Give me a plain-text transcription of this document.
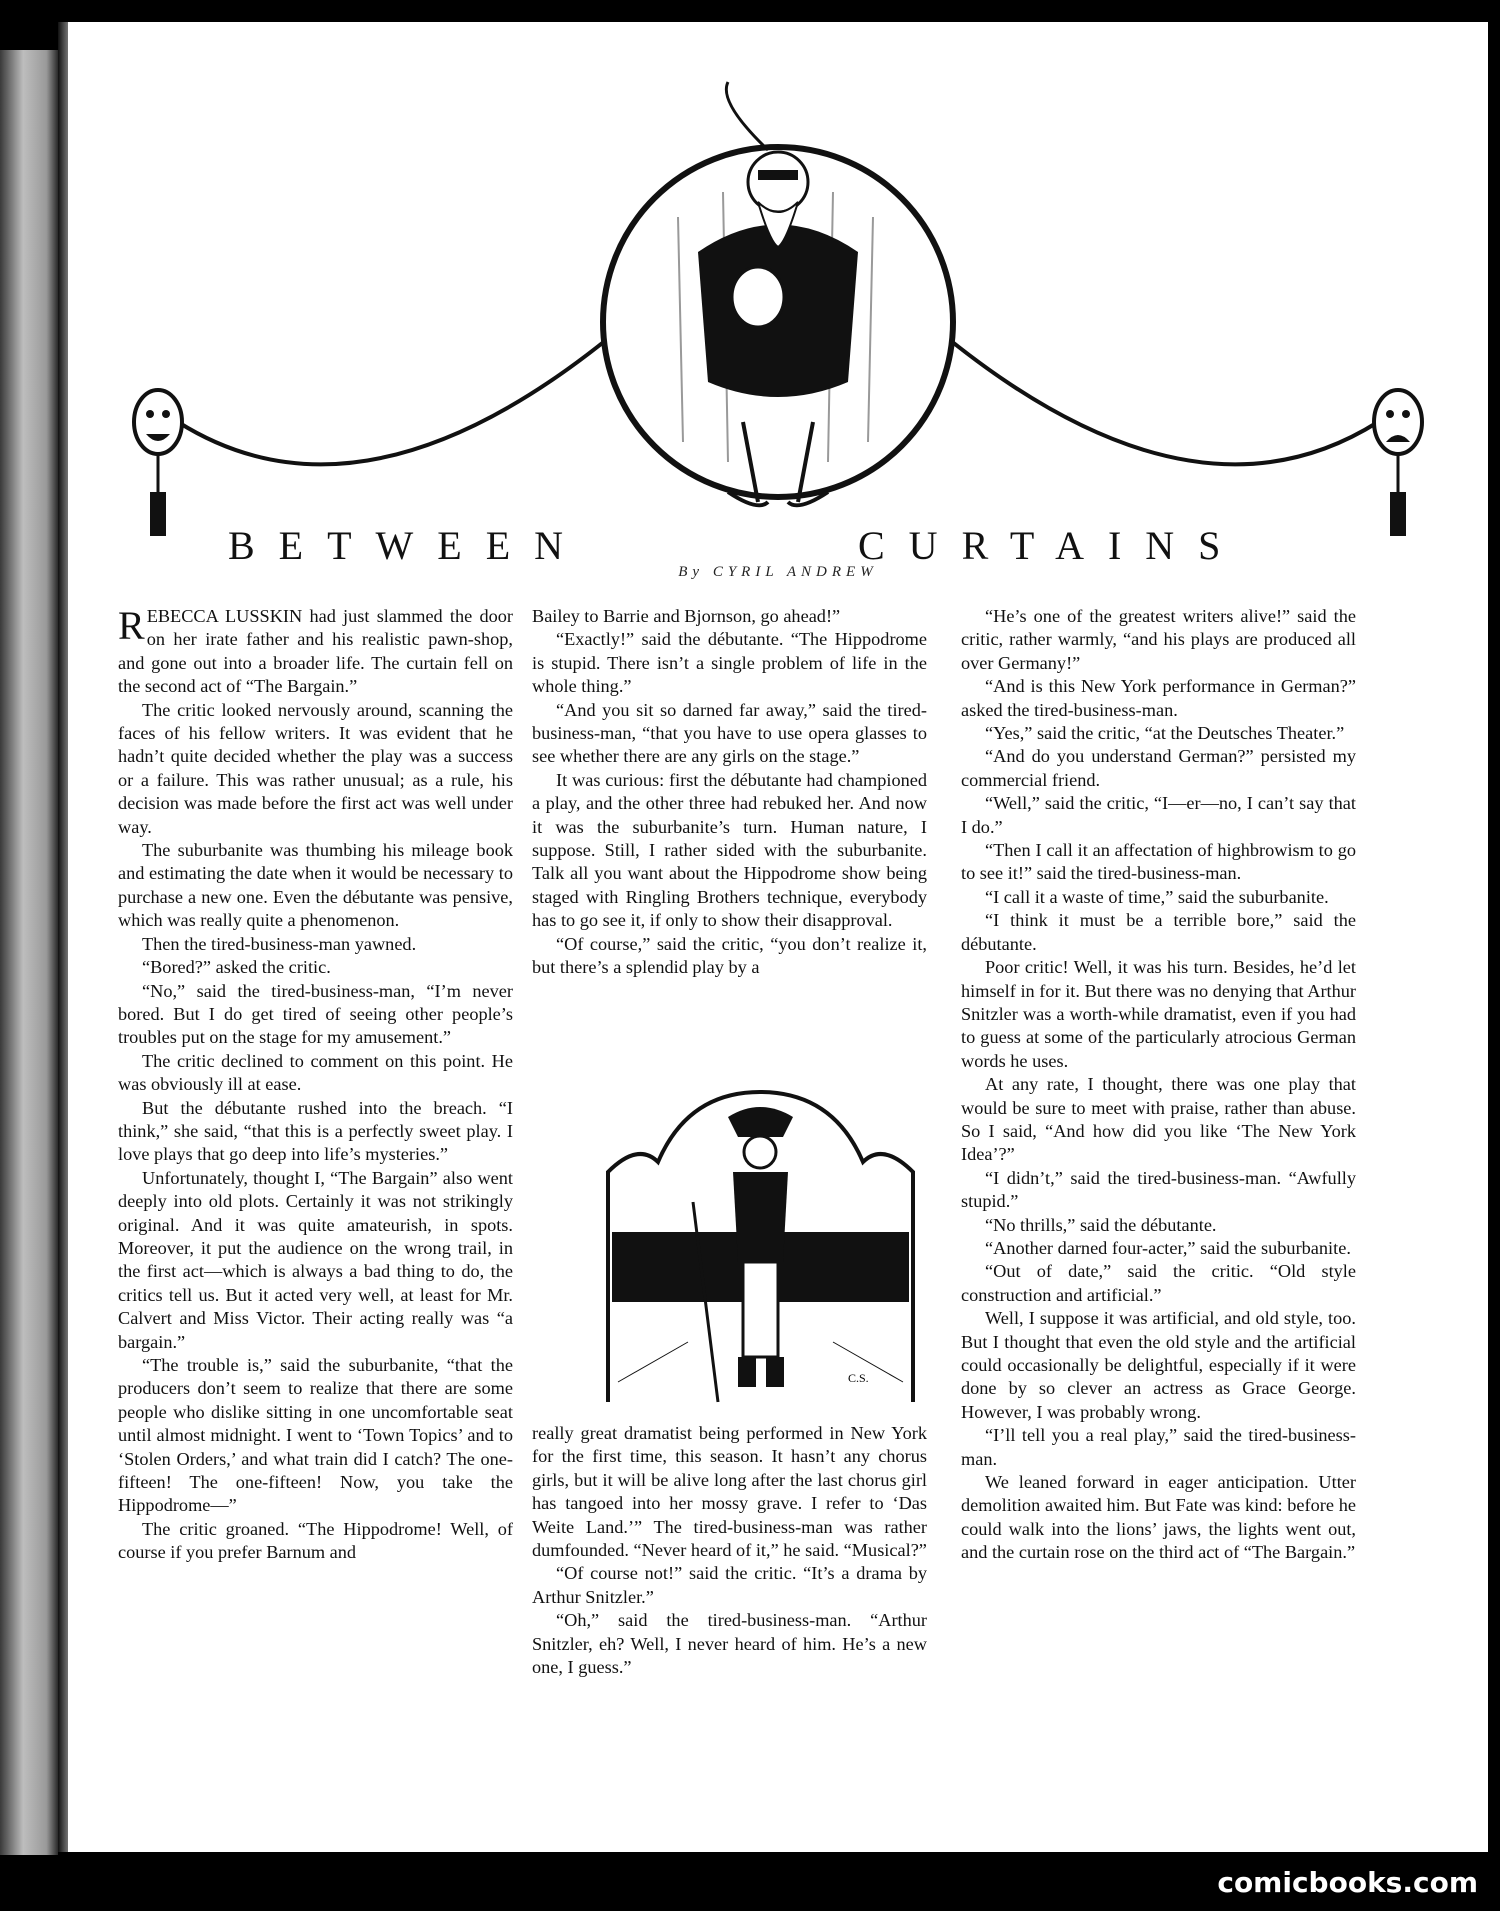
BETWEEN	CURTAINS
By CYRIL ANDREW
R EBECCA LUSSKIN had just slammed the door on her irate father and his realistic pawn-shop, and gone out into a broader life. The curtain fell on the second act of “The Bargain.”

The critic looked nervously around, scanning the faces of his fellow writers. It was evident that he hadn’t quite decided whether the play was a success or a failure. This was rather unusual; as a rule, his decision was made before the first act was well under way.

The suburbanite was thumbing his mileage book and estimating the date when it would be necessary to purchase a new one. Even the débutante was pensive, which was really quite a phenomenon.

Then the tired-business-man yawned.

“Bored?” asked the critic.

“No,” said the tired-business-man, “I’m never bored. But I do get tired of seeing other people’s troubles put on the stage for my amusement.”

The critic declined to comment on this point. He was obviously ill at ease.

But the débutante rushed into the breach. “I think,” she said, “that this is a perfectly sweet play. I love plays that go deep into life’s mysteries.”

Unfortunately, thought I, “The Bargain” also went deeply into old plots. Certainly it was not strikingly original. And it was quite amateurish, in spots. Moreover, it put the audience on the wrong trail, in the first act—which is always a bad thing to do, the critics tell us. But it acted very well, at least for Mr. Calvert and Miss Victor. Their acting really was “a bargain.”

“The trouble is,” said the suburbanite, “that the producers don’t seem to realize that there are some people who dislike sitting in one uncomfortable seat until almost midnight. I went to ‘Town Topics’ and to ‘Stolen Orders,’ and what train did I catch? The one-fifteen! The one-fifteen! Now, you take the Hippodrome—”

The critic groaned. “The Hippodrome! Well, of course if you prefer Barnum and

Bailey to Barrie and Bjornson, go ahead!”

“Exactly!” said the débutante. “The Hippodrome is stupid. There isn’t a single problem of life in the whole thing.”

“And you sit so darned far away,” said the tired-business-man, “that you have to use opera glasses to see whether there are any girls on the stage.”

It was curious: first the débutante had championed a play, and the other three had rebuked her. And now it was the suburbanite’s turn. Human nature, I suppose. Still, I rather sided with the suburbanite. Talk all you want about the Hippodrome show being staged with Ringling Brothers technique, everybody has to go see it, if only to show their disapproval.

“Of course,” said the critic, “you don’t realize it, but there’s a splendid play by a

C.S.

really great dramatist being performed in New York for the first time, this season. It hasn’t any chorus girls, but it will be alive long after the last chorus girl has tangoed into her mossy grave. I refer to ‘Das Weite Land.’” The tired-business-man was rather dumfounded. “Never heard of it,” he said. “Musical?”

“Of course not!” said the critic. “It’s a drama by Arthur Snitzler.”

“Oh,” said the tired-business-man. “Arthur Snitzler, eh? Well, I never heard of him. He’s a new one, I guess.”

“He’s one of the greatest writers alive!” said the critic, rather warmly, “and his plays are produced all over Germany!”

“And is this New York performance in German?” asked the tired-business-man.

“Yes,” said the critic, “at the Deutsches Theater.”

“And do you understand German?” persisted my commercial friend.

“Well,” said the critic, “I—er—no, I can’t say that I do.”

“Then I call it an affectation of highbrowism to go to see it!” said the tired-business-man.

“I call it a waste of time,” said the suburbanite.

“I think it must be a terrible bore,” said the débutante.

Poor critic! Well, it was his turn. Besides, he’d let himself in for it. But there was no denying that Arthur Snitzler was a worth-while dramatist, even if you had to guess at some of the particularly atrocious German words he uses.

At any rate, I thought, there was one play that would be sure to meet with praise, rather than abuse. So I said, “And how did you like ‘The New York Idea’?”

“I didn’t,” said the tired-business-man. “Awfully stupid.”

“No thrills,” said the débutante.

“Another darned four-acter,” said the suburbanite.

“Out of date,” said the critic. “Old style construction and artificial.”

Well, I suppose it was artificial, and old style, too. But I thought that even the old style and the artificial could occasionally be delightful, especially if it were done by so clever an actress as Grace George. However, I was probably wrong.

“I’ll tell you a real play,” said the tired-business-man.

We leaned forward in eager anticipation. Utter demolition awaited him. But Fate was kind: before he could walk into the lions’ jaws, the lights went out, and the curtain rose on the third act of “The Bargain.”

comicbooks.com
